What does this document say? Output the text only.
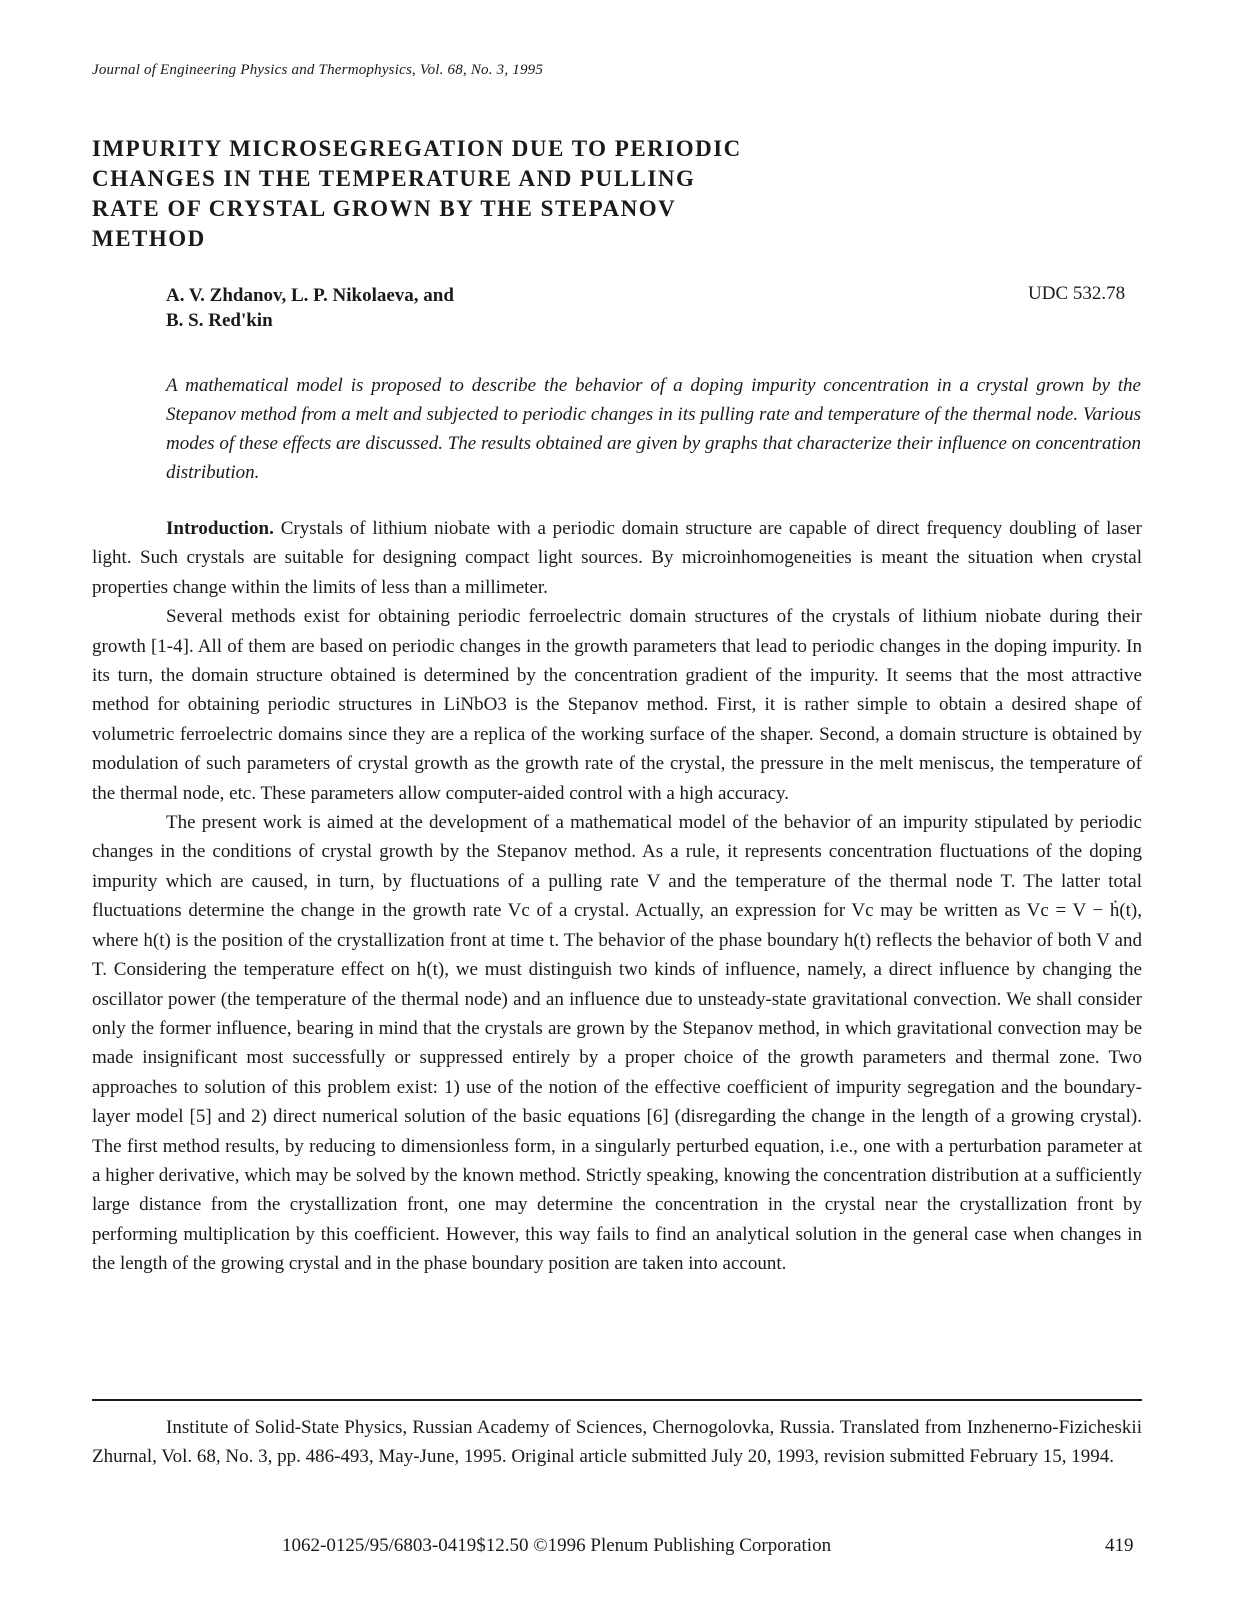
Journal of Engineering Physics and Thermophysics, Vol. 68, No. 3, 1995
IMPURITY MICROSEGREGATION DUE TO PERIODIC
CHANGES IN THE TEMPERATURE AND PULLING
RATE OF CRYSTAL GROWN BY THE STEPANOV
METHOD
A. V. Zhdanov, L. P. Nikolaeva, and
B. S. Red'kin
UDC 532.78

A mathematical model is proposed to describe the behavior of a doping impurity concentration in a crystal grown by the Stepanov method from a melt and subjected to periodic changes in its pulling rate and temperature of the thermal node. Various modes of these effects are discussed. The results obtained are given by graphs that characterize their influence on concentration distribution.

Introduction. Crystals of lithium niobate with a periodic domain structure are capable of direct frequency doubling of laser light. Such crystals are suitable for designing compact light sources. By microinhomogeneities is meant the situation when crystal properties change within the limits of less than a millimeter.

Several methods exist for obtaining periodic ferroelectric domain structures of the crystals of lithium niobate during their growth [1-4]. All of them are based on periodic changes in the growth parameters that lead to periodic changes in the doping impurity. In its turn, the domain structure obtained is determined by the concentration gradient of the impurity. It seems that the most attractive method for obtaining periodic structures in LiNbO3 is the Stepanov method. First, it is rather simple to obtain a desired shape of volumetric ferroelectric domains since they are a replica of the working surface of the shaper. Second, a domain structure is obtained by modulation of such parameters of crystal growth as the growth rate of the crystal, the pressure in the melt meniscus, the temperature of the thermal node, etc. These parameters allow computer-aided control with a high accuracy.

The present work is aimed at the development of a mathematical model of the behavior of an impurity stipulated by periodic changes in the conditions of crystal growth by the Stepanov method. As a rule, it represents concentration fluctuations of the doping impurity which are caused, in turn, by fluctuations of a pulling rate V and the temperature of the thermal node T. The latter total fluctuations determine the change in the growth rate Vc of a crystal. Actually, an expression for Vc may be written as Vc = V − ḣ(t), where h(t) is the position of the crystallization front at time t. The behavior of the phase boundary h(t) reflects the behavior of both V and T. Considering the temperature effect on h(t), we must distinguish two kinds of influence, namely, a direct influence by changing the oscillator power (the temperature of the thermal node) and an influence due to unsteady-state gravitational convection. We shall consider only the former influence, bearing in mind that the crystals are grown by the Stepanov method, in which gravitational convection may be made insignificant most successfully or suppressed entirely by a proper choice of the growth parameters and thermal zone. Two approaches to solution of this problem exist: 1) use of the notion of the effective coefficient of impurity segregation and the boundary-layer model [5] and 2) direct numerical solution of the basic equations [6] (disregarding the change in the length of a growing crystal). The first method results, by reducing to dimensionless form, in a singularly perturbed equation, i.e., one with a perturbation parameter at a higher derivative, which may be solved by the known method. Strictly speaking, knowing the concentration distribution at a sufficiently large distance from the crystallization front, one may determine the concentration in the crystal near the crystallization front by performing multiplication by this coefficient. However, this way fails to find an analytical solution in the general case when changes in the length of the growing crystal and in the phase boundary position are taken into account.

Institute of Solid-State Physics, Russian Academy of Sciences, Chernogolovka, Russia. Translated from Inzhenerno-Fizicheskii Zhurnal, Vol. 68, No. 3, pp. 486-493, May-June, 1995. Original article submitted July 20, 1993, revision submitted February 15, 1994.

1062-0125/95/6803-0419$12.50 ©1996 Plenum Publishing Corporation	419
